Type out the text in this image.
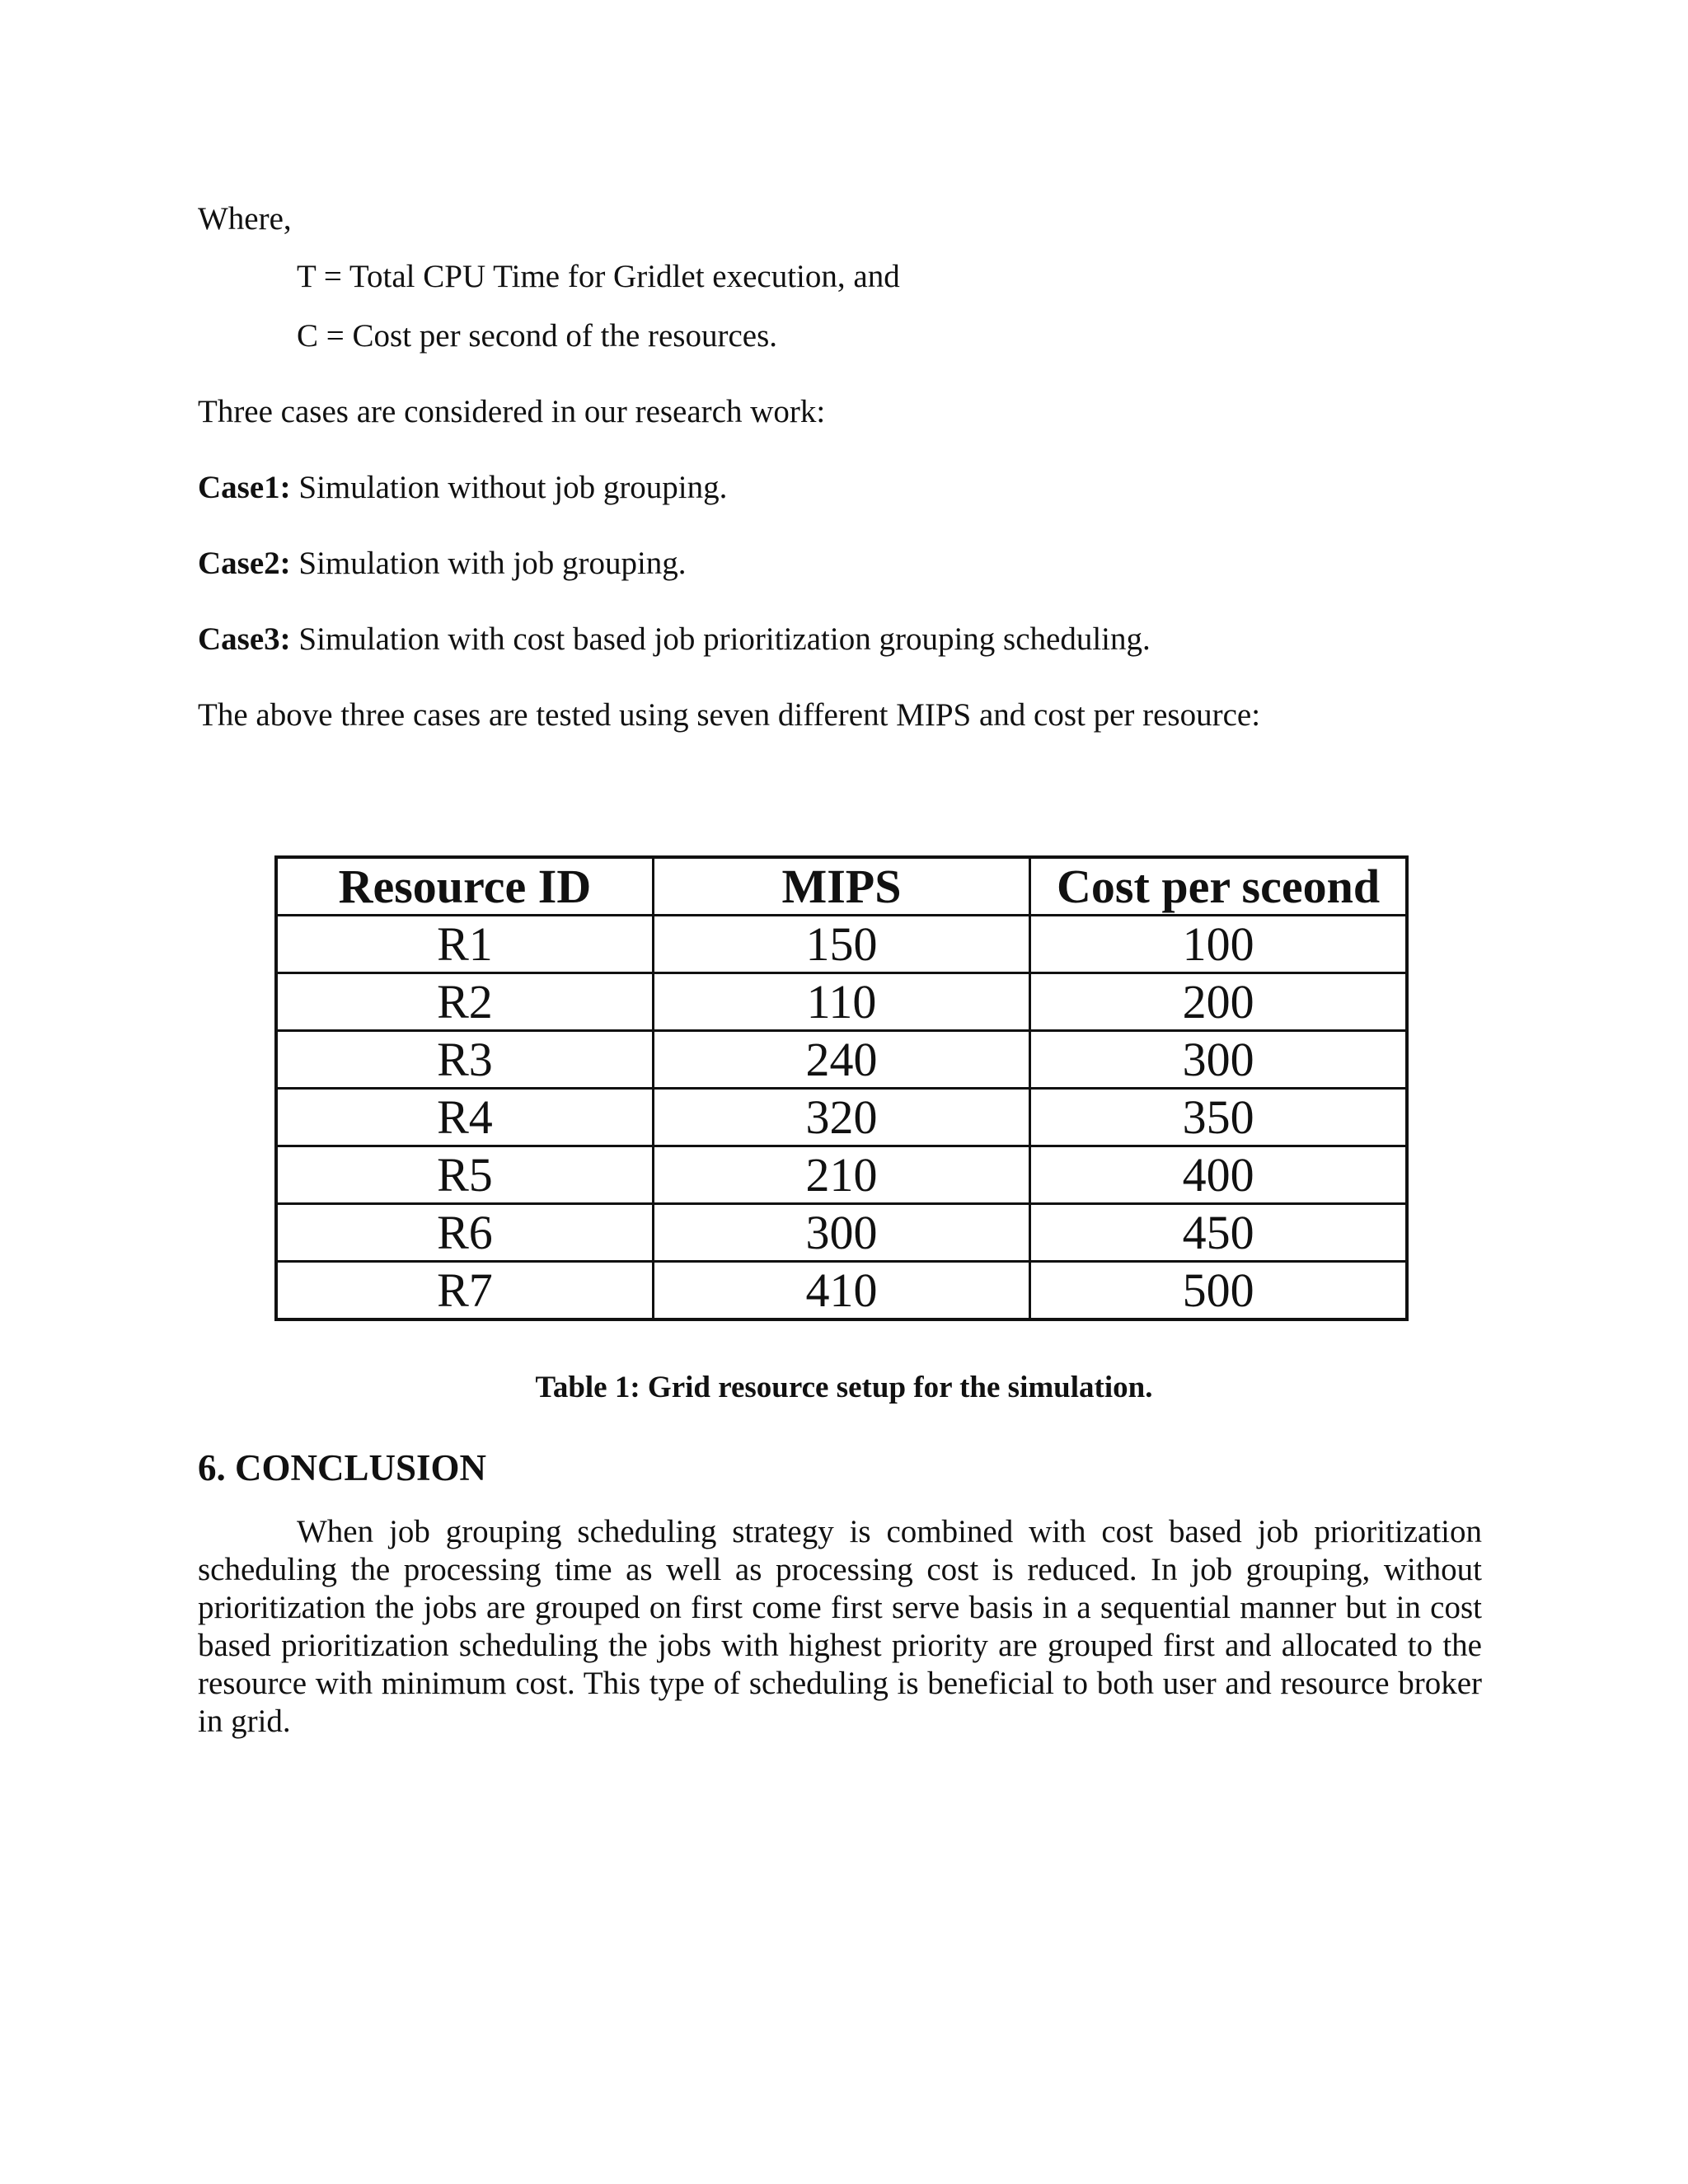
Where,
T = Total CPU Time for Gridlet execution, and
C = Cost per second of the resources.
Three cases are considered in our research work:
Case1: Simulation without job grouping.
Case2: Simulation with job grouping.
Case3: Simulation with cost based job prioritization grouping scheduling.
The above three cases are tested using seven different MIPS and cost per resource:
Resource ID	MIPS	Cost per sceond
R1	150	100
R2	110	200
R3	240	300
R4	320	350
R5	210	400
R6	300	450
R7	410	500
Table 1: Grid resource setup for the simulation.
6. CONCLUSION
When job grouping scheduling strategy is combined with cost based job prioritization scheduling the processing time as well as processing cost is reduced. In job grouping, without prioritization the jobs are grouped on first come first serve basis in a sequential manner but in cost based prioritization scheduling the jobs with highest priority are grouped first and allocated to the resource with minimum cost. This type of scheduling is beneficial to both user and resource broker in grid.
